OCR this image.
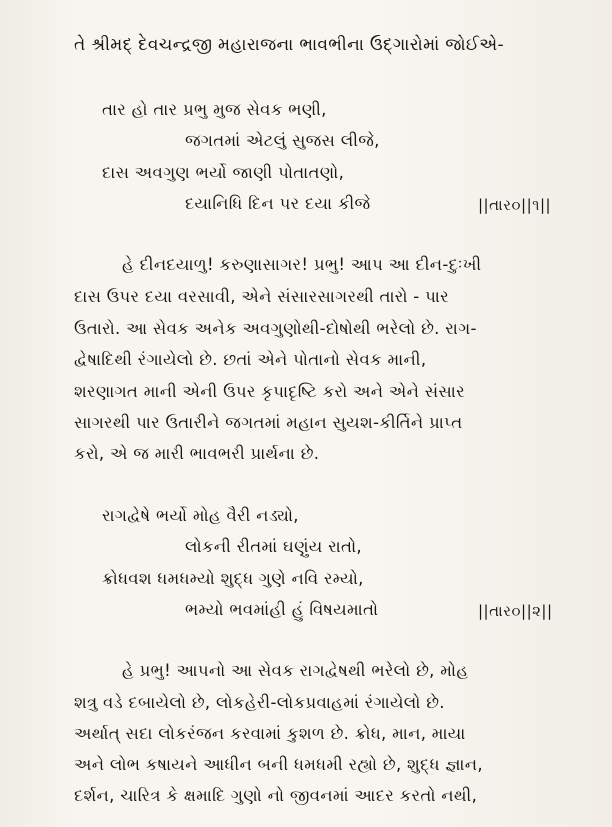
તે શ્રીમદ્ દેવચન્દ્રજી મહારાજના ભાવભીના ઉદ્ગારોમાં જોઈએ-
તાર હો તાર પ્રભુ મુજ સેવક ભણી,
જગતમાં એટલું સુજસ લીજે,
દાસ અવગુણ ભર્યો જાણી પોતાતણો,
દયાનિધિ દિન પર દયા કીજે	||તાર૦||૧||
હે દીનદયાળુ! કરુણાસાગર! પ્રભુ! આપ આ દીન-દુઃખી
દાસ ઉપર દયા વરસાવી, એને સંસારસાગરથી તારો - પાર
ઉતારો. આ સેવક અનેક અવગુણોથી-દોષોથી ભરેલો છે. રાગ-
દ્વેષાદિથી રંગાયેલો છે. છતાં એને પોતાનો સેવક માની,
શરણાગત માની એની ઉપર કૃપાદૃષ્ટિ કરો અને એને સંસાર
સાગરથી પાર ઉતારીને જગતમાં મહાન સુયશ-કીર્તિને પ્રાપ્ત
કરો, એ જ મારી ભાવભરી પ્રાર્થના છે.
રાગદ્વેષે ભર્યો મોહ વૈરી નડ્યો,
લોકની રીતમાં ઘણુંય રાતો,
ક્રોધવશ ધમધમ્યો શુદ્ધ ગુણે નવિ રમ્યો,
ભમ્યો ભવમાંહી હું વિષયમાતો	||તાર૦||૨||
હે પ્રભુ! આપનો આ સેવક રાગદ્વેષથી ભરેલો છે, મોહ
શત્રુ વડે દબાયેલો છે, લોકહેરી-લોકપ્રવાહમાં રંગાયેલો છે.
અર્થાત્ સદા લોકરંજન કરવામાં કુશળ છે. ક્રોધ, માન, માયા
અને લોભ કષાયને આધીન બની ધમધમી રહ્યો છે, શુદ્ધ જ્ઞાન,
દર્શન, ચારિત્ર કે ક્ષમાદિ ગુણો નો જીવનમાં આદર કરતો નથી,
